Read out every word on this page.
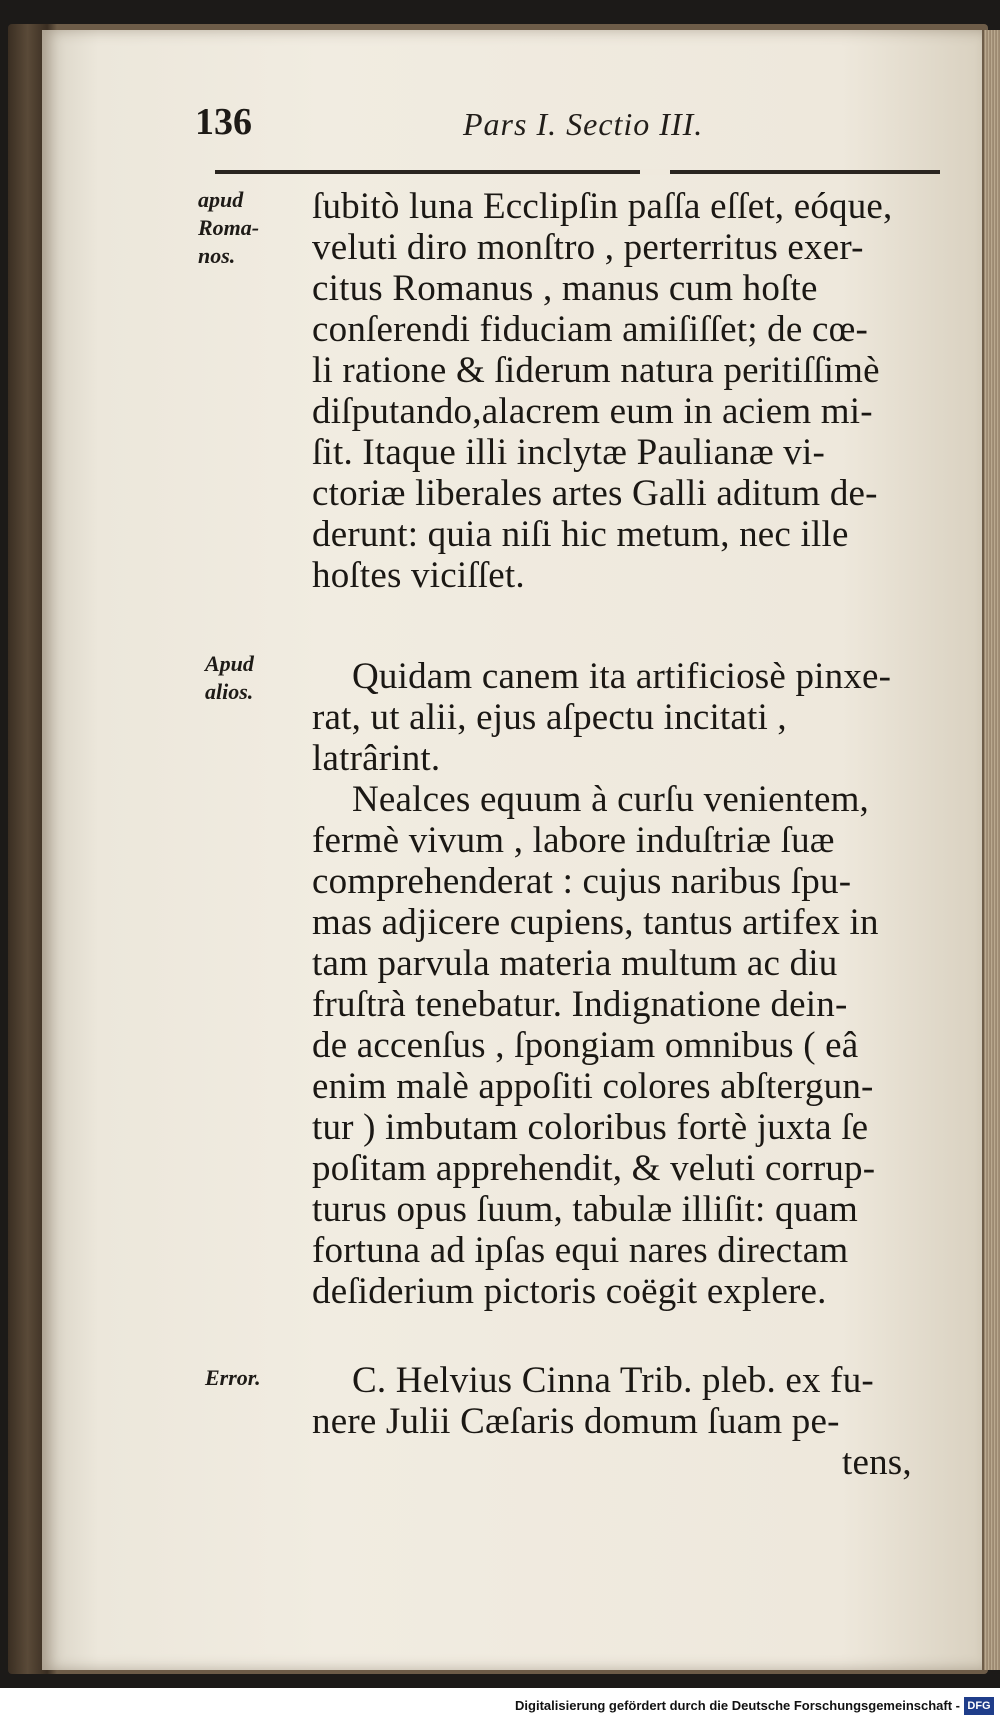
136	Pars I. Sectio III.
apud
Roma-
nos.
ſubitò luna Ecclipſin paſſa eſſet, eóque,
veluti diro monſtro , perterritus exer-
citus Romanus , manus cum hoſte
conſerendi fiduciam amiſiſſet; de cœ-
li ratione & ſiderum natura peritiſſimè
diſputando,alacrem eum in aciem mi-
ſit. Itaque illi inclytæ Paulianæ vi-
ctoriæ liberales artes Galli aditum de-
derunt: quia niſi hic metum, nec ille
hoſtes viciſſet.
Apud
alios.	Quidam canem ita artificiosè pinxe-
rat, ut alii, ejus aſpectu incitati ,
latrârint.
Nealces equum à curſu venientem,
fermè vivum , labore induſtriæ ſuæ
comprehenderat : cujus naribus ſpu-
mas adjicere cupiens, tantus artifex in
tam parvula materia multum ac diu
fruſtrà tenebatur. Indignatione dein-
de accenſus , ſpongiam omnibus ( eâ
enim malè appoſiti colores abſtergun-
tur ) imbutam coloribus fortè juxta ſe
poſitam apprehendit, & veluti corrup-
turus opus ſuum, tabulæ illiſit: quam
fortuna ad ipſas equi nares directam
deſiderium pictoris coëgit explere.
Error.	C. Helvius Cinna Trib. pleb. ex fu-
nere Julii Cæſaris domum ſuam pe-
tens,
Digitalisierung gefördert durch die Deutsche Forschungsgemeinschaft - DFG
